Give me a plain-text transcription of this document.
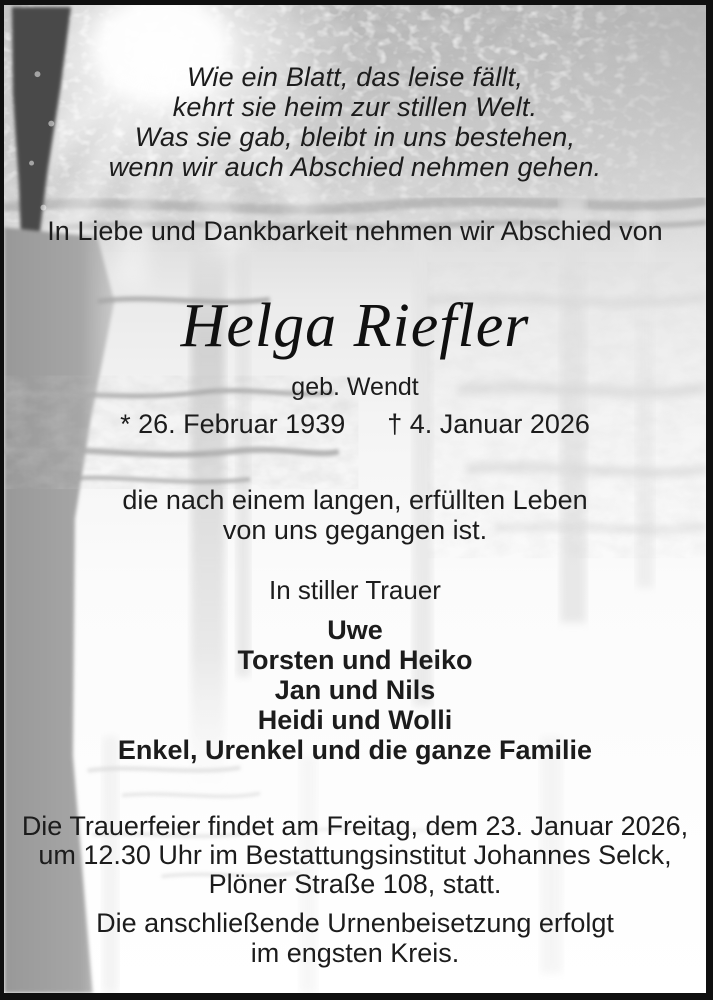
Wie ein Blatt, das leise fällt,
kehrt sie heim zur stillen Welt.
Was sie gab, bleibt in uns bestehen,
wenn wir auch Abschied nehmen gehen.
In Liebe und Dankbarkeit nehmen wir Abschied von
Helga Riefler
geb. Wendt
* 26. Februar 1939 † 4. Januar 2026
die nach einem langen, erfüllten Leben
von uns gegangen ist.
In stiller Trauer
Uwe
Torsten und Heiko
Jan und Nils
Heidi und Wolli
Enkel, Urenkel und die ganze Familie
Die Trauerfeier findet am Freitag, dem 23. Januar 2026,
um 12.30 Uhr im Bestattungsinstitut Johannes Selck,
Plöner Straße 108, statt.
Die anschließende Urnenbeisetzung erfolgt
im engsten Kreis.
